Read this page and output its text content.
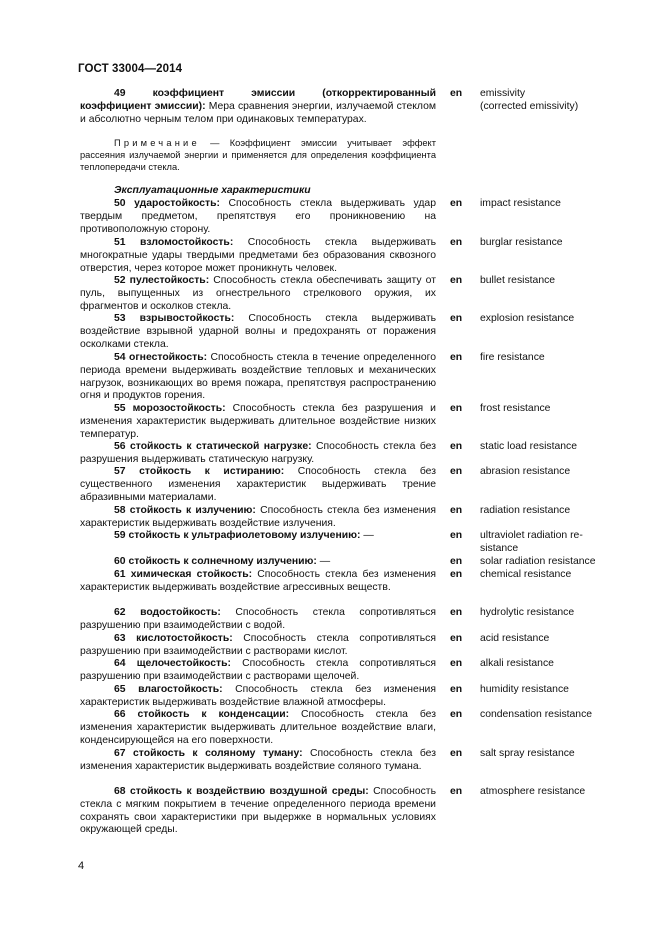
ГОСТ 33004—2014
49 коэффициент эмиссии (откорректированный коэффициент эмиссии): Мера сравнения энергии, излучаемой стеклом и абсолютно черным телом при одинаковых температурах.
en	emissivity
(corrected emissivity)
50 ударостойкость: Способность стекла выдерживать удар твердым предметом, препятствуя его проникновению на противоположную сторону.
en	impact resistance
51 взломостойкость: Способность стекла выдерживать многократные удары твердыми предметами без образования сквозного отверстия, через которое может проникнуть человек.
en	burglar resistance
52 пулестойкость: Способность стекла обеспечивать защиту от пуль, выпущенных из огнестрельного стрелкового оружия, их фрагментов и осколков стекла.
en	bullet resistance
53 взрывостойкость: Способность стекла выдерживать воздействие взрывной ударной волны и предохранять от поражения осколками стекла.
en	explosion resistance
54 огнестойкость: Способность стекла в течение определенного периода времени выдерживать воздействие тепловых и механических нагрузок, возникающих во время пожара, препятствуя распространению огня и продуктов горения.
en	fire resistance
55 морозостойкость: Способность стекла без разрушения и изменения характеристик выдерживать длительное воздействие низких температур.
en	frost resistance
56 стойкость к статической нагрузке: Способность стекла без разрушения выдерживать статическую нагрузку.
en	static load resistance
57 стойкость к истиранию: Способность стекла без существенного изменения характеристик выдерживать трение абразивными материалами.
en	abrasion resistance
58 стойкость к излучению: Способность стекла без изменения характеристик выдерживать воздействие излучения.
en	radiation resistance
59 стойкость к ультрафиолетовому излучению: —	en	ultraviolet radiation re-
sistance
60 стойкость к солнечному излучению: —	en	solar radiation resistance
61 химическая стойкость: Способность стекла без изменения характеристик выдерживать воздействие агрессивных веществ.
en	chemical resistance
62 водостойкость: Способность стекла сопротивляться разрушению при взаимодействии с водой.
en	hydrolytic resistance
63 кислотостойкость: Способность стекла сопротивляться разрушению при взаимодействии с растворами кислот.
en	acid resistance
64 щелочестойкость: Способность стекла сопротивляться разрушению при взаимодействии с растворами щелочей.
en	alkali resistance
65 влагостойкость: Способность стекла без изменения характеристик выдерживать воздействие влажной атмосферы.
en	humidity resistance
66 стойкость к конденсации: Способность стекла без изменения характеристик выдерживать длительное воздействие влаги, конденсирующейся на его поверхности.
en	condensation resistance
67 стойкость к соляному туману: Способность стекла без изменения характеристик выдерживать воздействие соляного тумана.
en	salt spray resistance
68 стойкость к воздействию воздушной среды: Способность стекла с мягким покрытием в течение определенного периода времени сохранять свои характеристики при выдержке в нормальных условиях окружающей среды.
en	atmosphere resistance
Примечание — Коэффициент эмиссии учитывает эффект рассеяния излучаемой энергии и применяется для определения коэффициента теплопередачи стекла.
Эксплуатационные характеристики
4
